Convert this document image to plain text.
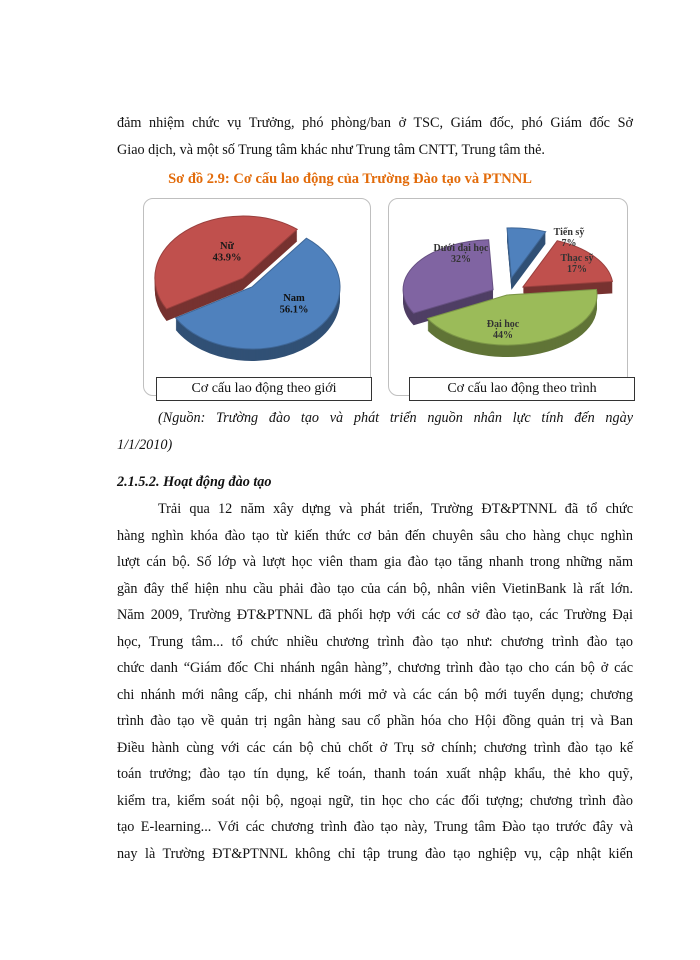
đảm nhiệm chức vụ Trưởng, phó phòng/ban ở TSC, Giám đốc, phó Giám đốc Sở
Giao dịch, và một số Trung tâm khác như Trung tâm CNTT, Trung tâm thẻ.
Sơ đồ 2.9: Cơ cấu lao động của Trường Đào tạo và PTNNL
Nữ
43.9%
Nam
56.1%
Cơ cấu lao động theo giới
Tiến sỹ
7%
Thạc sỹ
17%
Đại học
44%
Dưới đại học
32%
Cơ cấu lao động theo trình
(Nguồn: Trường đào tạo và phát triển nguồn nhân lực tính đến ngày
1/1/2010)
2.1.5.2. Hoạt động đào tạo
Trải qua 12 năm xây dựng và phát triển, Trường ĐT&PTNNL đã tổ chức
hàng nghìn khóa đào tạo từ kiến thức cơ bản đến chuyên sâu cho hàng chục nghìn
lượt cán bộ. Số lớp và lượt học viên tham gia đào tạo tăng nhanh trong những năm
gần đây thể hiện nhu cầu phải đào tạo của cán bộ, nhân viên VietinBank là rất lớn.
Năm 2009, Trường ĐT&PTNNL đã phối hợp với các cơ sở đào tạo, các Trường Đại
học, Trung tâm... tổ chức nhiều chương trình đào tạo như: chương trình đào tạo
chức danh “Giám đốc Chi nhánh ngân hàng”, chương trình đào tạo cho cán bộ ở các
chi nhánh mới nâng cấp, chi nhánh mới mở và các cán bộ mới tuyển dụng; chương
trình đào tạo về quản trị ngân hàng sau cổ phần hóa cho Hội đồng quản trị và Ban
Điều hành cùng với các cán bộ chủ chốt ở Trụ sở chính; chương trình đào tạo kế
toán trưởng; đào tạo tín dụng, kế toán, thanh toán xuất nhập khẩu, thẻ kho quỹ,
kiểm tra, kiểm soát nội bộ, ngoại ngữ, tin học cho các đối tượng; chương trình đào
tạo E-learning... Với các chương trình đào tạo này, Trung tâm Đào tạo trước đây và
nay là Trường ĐT&PTNNL không chỉ tập trung đào tạo nghiệp vụ, cập nhật kiến
